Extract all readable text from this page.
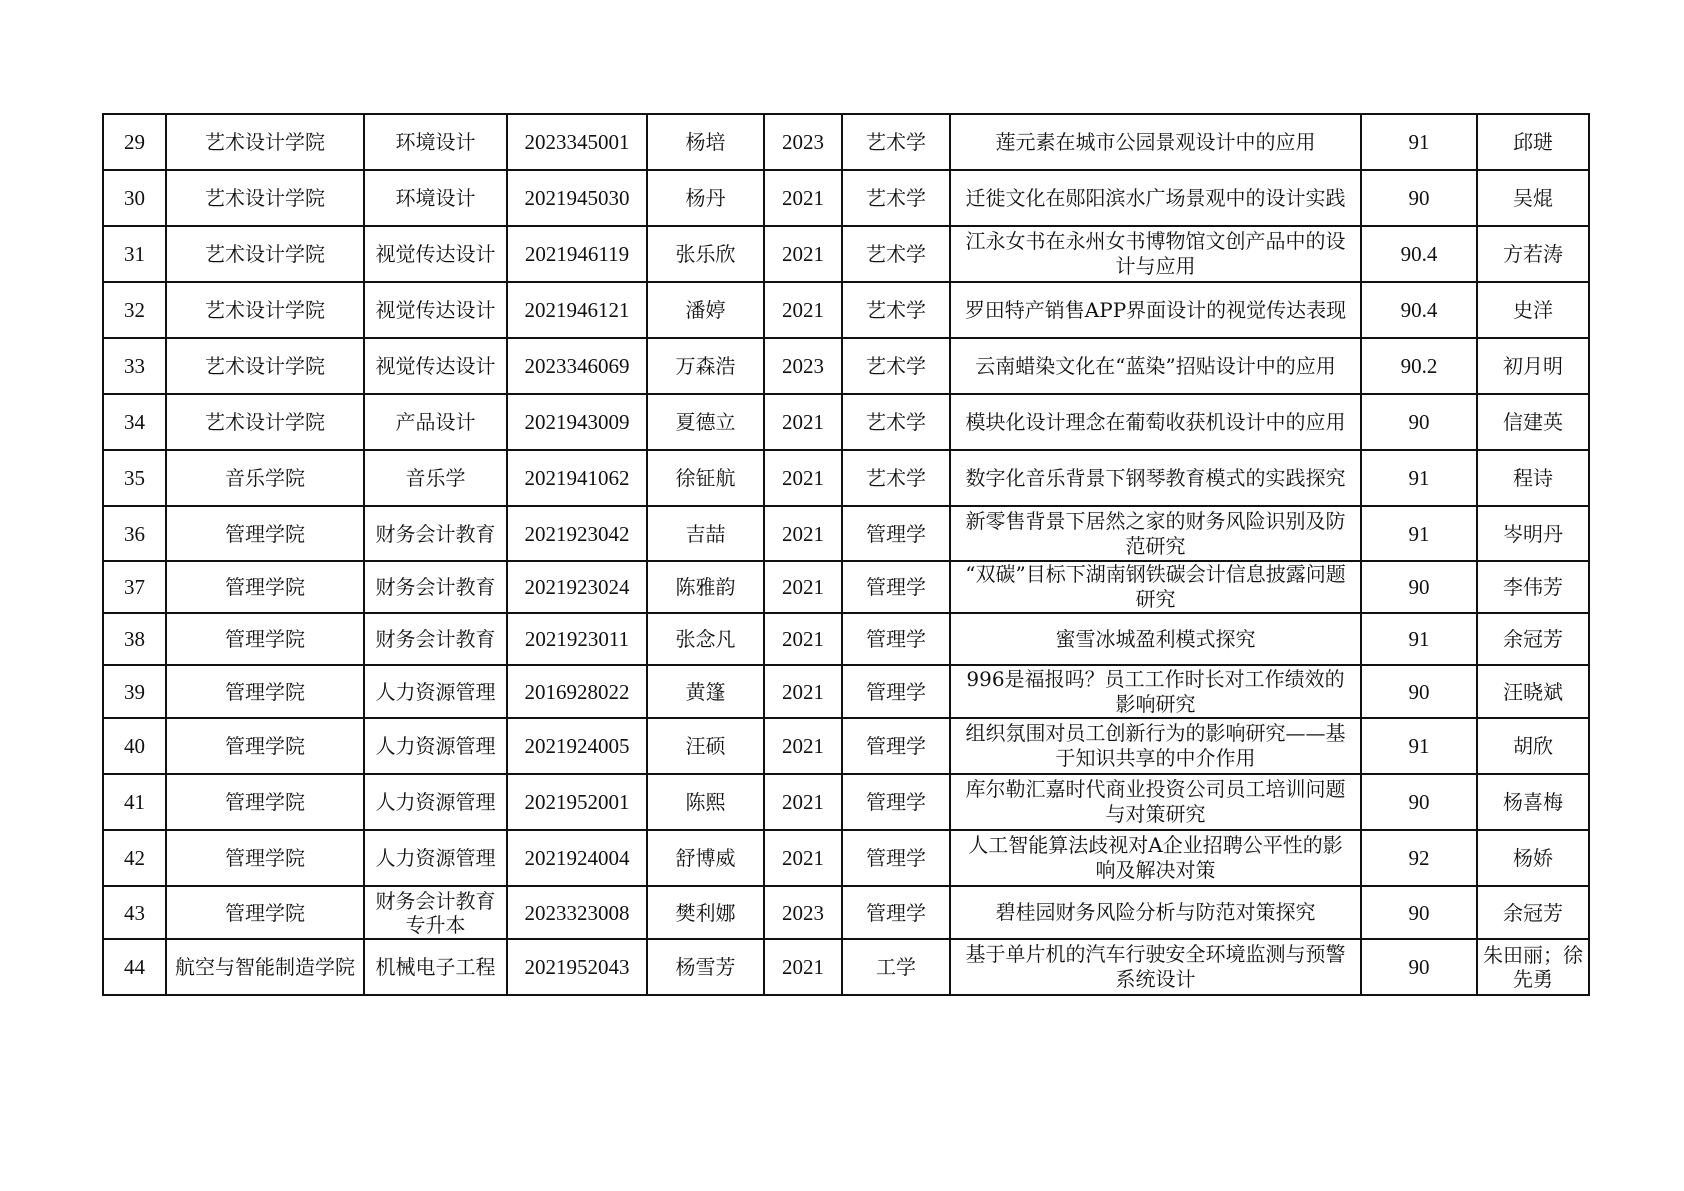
29	艺术设计学院	环境设计	2023345001	杨培	2023	艺术学	莲元素在城市公园景观设计中的应用	91	邱琎
30	艺术设计学院	环境设计	2021945030	杨丹	2021	艺术学	迁徙文化在郧阳滨水广场景观中的设计实践	90	吴焜
31	艺术设计学院	视觉传达设计	2021946119	张乐欣	2021	艺术学	江永女书在永州女书博物馆文创产品中的设计与应用	90.4	方若涛
32	艺术设计学院	视觉传达设计	2021946121	潘婷	2021	艺术学	罗田特产销售APP界面设计的视觉传达表现	90.4	史洋
33	艺术设计学院	视觉传达设计	2023346069	万森浩	2023	艺术学	云南蜡染文化在“蓝染”招贴设计中的应用	90.2	初月明
34	艺术设计学院	产品设计	2021943009	夏德立	2021	艺术学	模块化设计理念在葡萄收获机设计中的应用	90	信建英
35	音乐学院	音乐学	2021941062	徐钲航	2021	艺术学	数字化音乐背景下钢琴教育模式的实践探究	91	程诗
36	管理学院	财务会计教育	2021923042	吉喆	2021	管理学	新零售背景下居然之家的财务风险识别及防范研究	91	岑明丹
37	管理学院	财务会计教育	2021923024	陈雅韵	2021	管理学	“双碳”目标下湖南钢铁碳会计信息披露问题研究	90	李伟芳
38	管理学院	财务会计教育	2021923011	张念凡	2021	管理学	蜜雪冰城盈利模式探究	91	余冠芳
39	管理学院	人力资源管理	2016928022	黄篷	2021	管理学	996是福报吗？员工工作时长对工作绩效的影响研究	90	汪晓斌
40	管理学院	人力资源管理	2021924005	汪硕	2021	管理学	组织氛围对员工创新行为的影响研究——基于知识共享的中介作用	91	胡欣
41	管理学院	人力资源管理	2021952001	陈熙	2021	管理学	库尔勒汇嘉时代商业投资公司员工培训问题与对策研究	90	杨喜梅
42	管理学院	人力资源管理	2021924004	舒博威	2021	管理学	人工智能算法歧视对A企业招聘公平性的影响及解决对策	92	杨娇
43	管理学院	财务会计教育专升本	2023323008	樊利娜	2023	管理学	碧桂园财务风险分析与防范对策探究	90	余冠芳
44	航空与智能制造学院	机械电子工程	2021952043	杨雪芳	2021	工学	基于单片机的汽车行驶安全环境监测与预警系统设计	90	朱田丽；徐先勇
